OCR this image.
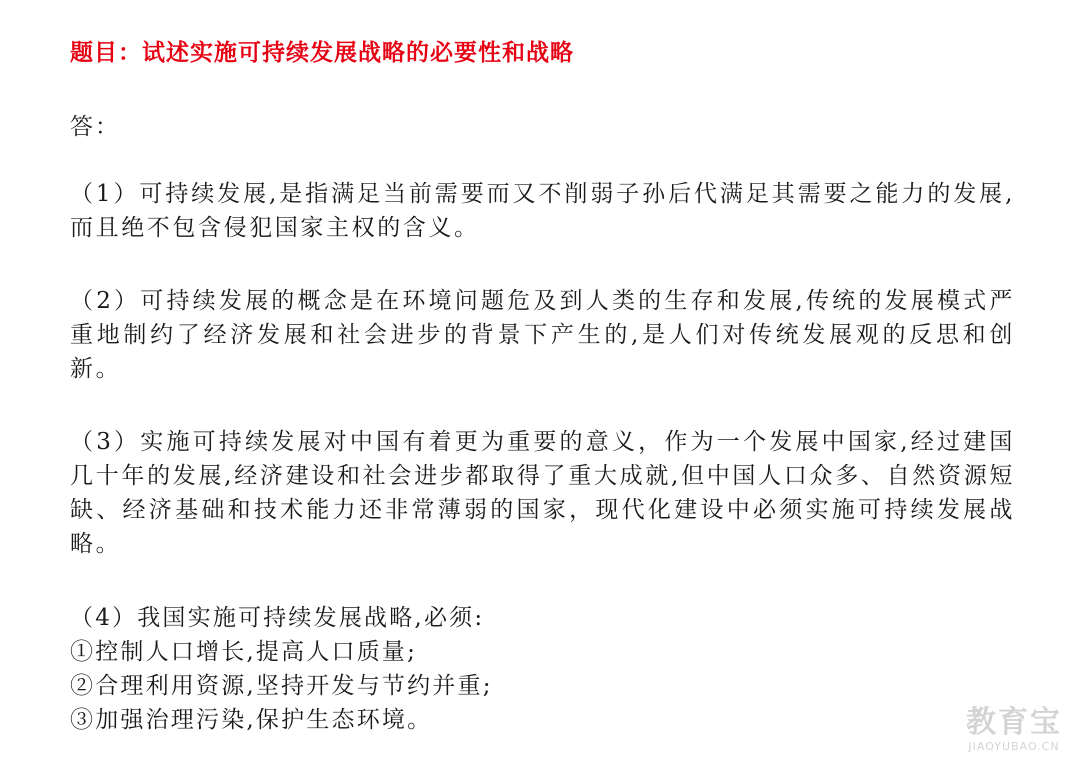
题目：试述实施可持续发展战略的必要性和战略
答：
（1）可持续发展,是指满足当前需要而又不削弱子孙后代满足其需要之能力的发展,而且绝不包含侵犯国家主权的含义。
（2）可持续发展的概念是在环境问题危及到人类的生存和发展,传统的发展模式严重地制约了经济发展和社会进步的背景下产生的,是人们对传统发展观的反思和创新。
（3）实施可持续发展对中国有着更为重要的意义，作为一个发展中国家,经过建国几十年的发展,经济建设和社会进步都取得了重大成就,但中国人口众多、自然资源短缺、经济基础和技术能力还非常薄弱的国家，现代化建设中必须实施可持续发展战略。
（4）我国实施可持续发展战略,必须:
①控制人口增长,提高人口质量;
②合理利用资源,坚持开发与节约并重;
③加强治理污染,保护生态环境。	教育宝
JIAOYUBAO.CN
